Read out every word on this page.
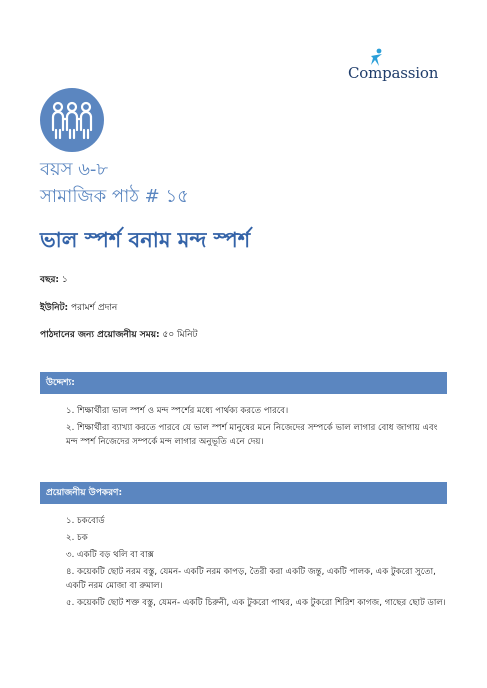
Compassion
বয়স ৬-৮
সামাজিক পাঠ # ১৫
ভাল স্পর্শ বনাম মন্দ স্পর্শ
বছর: ১
ইউনিট: পরামর্শ প্রদান
পাঠদানের জন্য প্রয়োজনীয় সময়: ৫০ মিনিট
উদ্দেশ্য:
১. শিক্ষার্থীরা ভাল স্পর্শ ও মন্দ স্পর্শের মধ্যে পার্থক্য করতে পারবে।
২. শিক্ষার্থীরা ব্যাখ্যা করতে পারবে যে ভাল স্পর্শ মানুষের মনে নিজেদের সম্পর্কে ভাল লাগার বোধ জাগায় এবং মন্দ স্পর্শ নিজেদের সম্পর্কে মন্দ লাগার অনুভূতি এনে দেয়।
প্রয়োজনীয় উপকরণ:
১. চকবোর্ড
২. চক
৩. একটি বড় থলি বা বাক্স
৪. কয়েকটি ছোট নরম বস্তু, যেমন- একটি নরম কাপড়, তৈরী করা একটি জন্তু, একটি পালক, এক টুকরো সুতো, একটি নরম মোজা বা রুমাল।
৫. কয়েকটি ছোট শক্ত বস্তু, যেমন- একটি চিরুনী, এক টুকরো পাথর, এক টুকরো শিরিশ কাগজ, গাছের ছোট ডাল।
